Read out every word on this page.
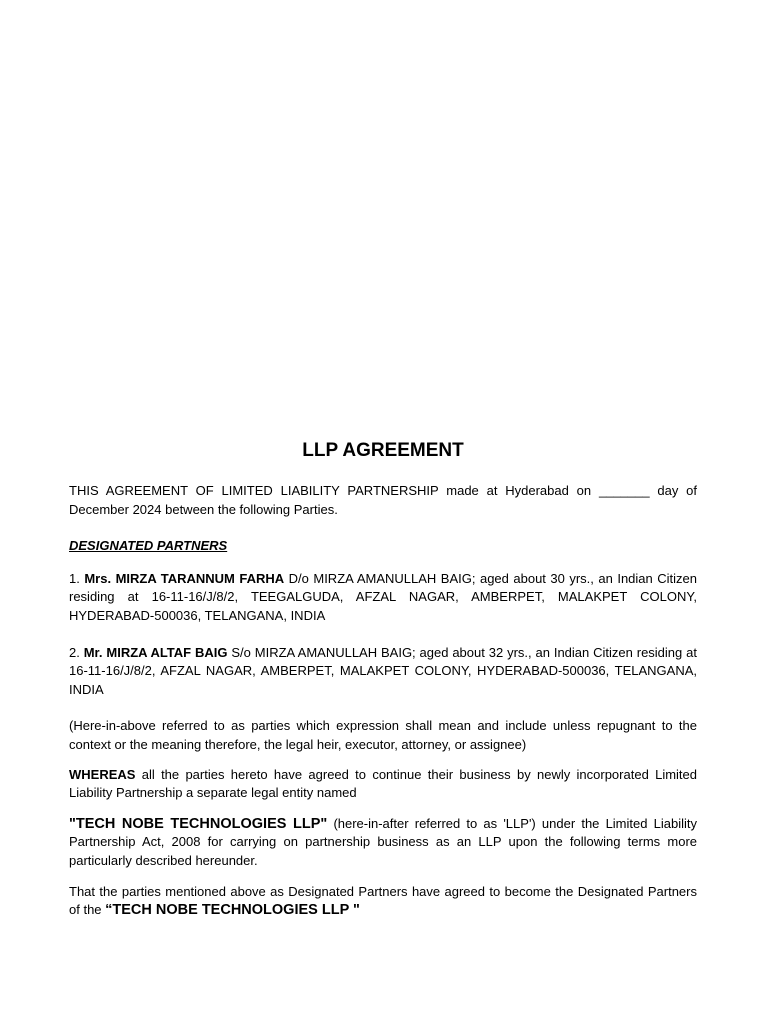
LLP AGREEMENT

THIS AGREEMENT OF LIMITED LIABILITY PARTNERSHIP made at Hyderabad on _______ day of December 2024 between the following Parties.

DESIGNATED PARTNERS

1. Mrs. MIRZA TARANNUM FARHA D/o MIRZA AMANULLAH BAIG; aged about 30 yrs., an Indian Citizen residing at 16-11-16/J/8/2, TEEGALGUDA, AFZAL NAGAR, AMBERPET, MALAKPET COLONY, HYDERABAD-500036, TELANGANA, INDIA

2. Mr. MIRZA ALTAF BAIG S/o MIRZA AMANULLAH BAIG; aged about 32 yrs., an Indian Citizen residing at 16-11-16/J/8/2, AFZAL NAGAR, AMBERPET, MALAKPET COLONY, HYDERABAD-500036, TELANGANA, INDIA

(Here-in-above referred to as parties which expression shall mean and include unless repugnant to the context or the meaning therefore, the legal heir, executor, attorney, or assignee)

WHEREAS all the parties hereto have agreed to continue their business by newly incorporated Limited Liability Partnership a separate legal entity named

"TECH NOBE TECHNOLOGIES LLP" (here-in-after referred to as 'LLP') under the Limited Liability Partnership Act, 2008 for carrying on partnership business as an LLP upon the following terms more particularly described hereunder.

That the parties mentioned above as Designated Partners have agreed to become the Designated Partners of the “TECH NOBE TECHNOLOGIES LLP "
